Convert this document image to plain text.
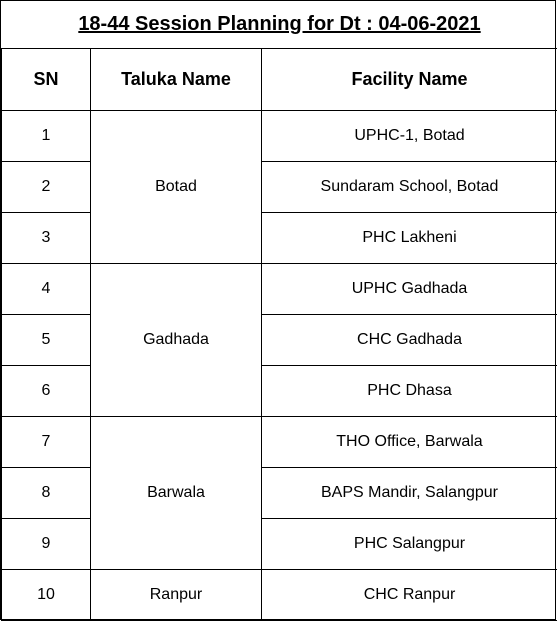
18-44 Session Planning for Dt : 04-06-2021		
SN	Taluka Name	Facility Name
1	Botad	UPHC-1, Botad
2		Sundaram School, Botad
3		PHC Lakheni
4	Gadhada	UPHC Gadhada
5		CHC Gadhada
6		PHC Dhasa
7	Barwala	THO Office, Barwala
8		BAPS Mandir, Salangpur
9		PHC Salangpur
10	Ranpur	CHC Ranpur
